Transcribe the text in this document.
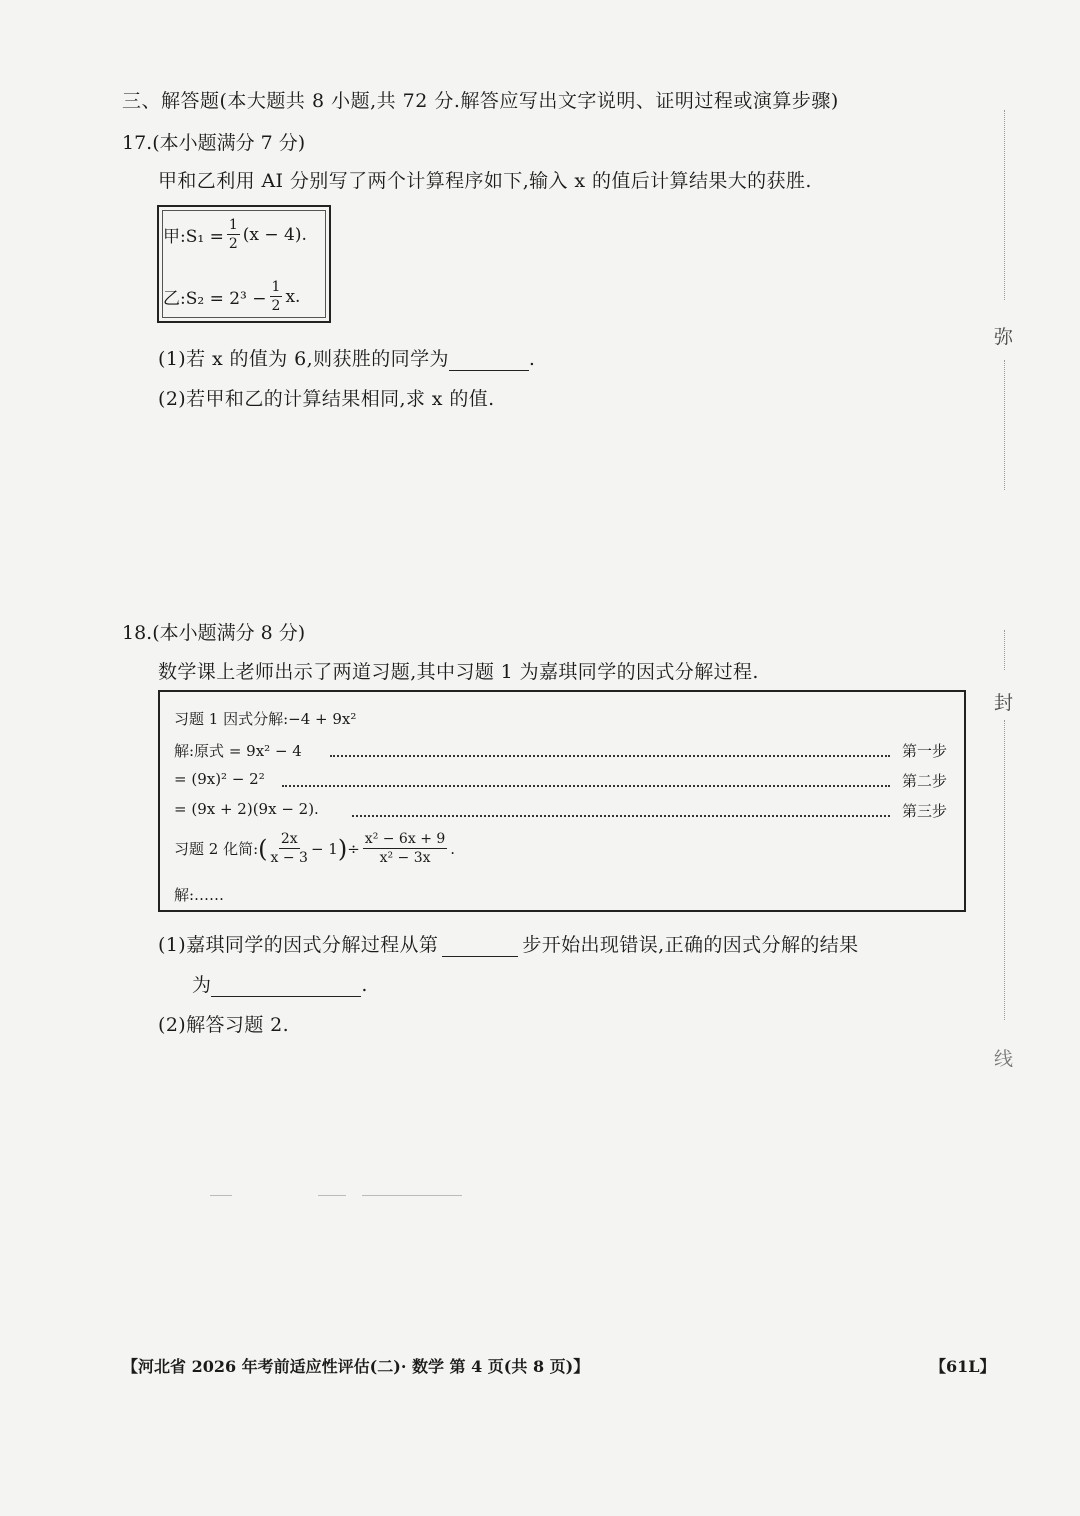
三、解答题(本大题共 8 小题,共 72 分.解答应写出文字说明、证明过程或演算步骤)
17.(本小题满分 7 分)
甲和乙利用 AI 分别写了两个计算程序如下,输入 x 的值后计算结果大的获胜.
甲:S₁ = $\frac{1}{2} (x - 4)$.
乙:S₂ = $2^3 - \frac{1}{2} x$.
(1)若 x 的值为 6,则获胜的同学为	.
(2)若甲和乙的计算结果相同,求 x 的值.
18.(本小题满分 8 分)
数学课上老师出示了两道习题,其中习题 1 为嘉琪同学的因式分解过程.
习题 1 因式分解:−4 + 9x²
解:原式 = 9x² − 4	第一步
= (9x)² − 2²	第二步
= (9x + 2)(9x − 2).	第三步
习题 2 化简: ( $\frac{2x}{x - 3} - 1$ ) ÷ $\frac{\text{x² − 6x + 9}}{\text{x² − 3x}}$ .
解:……
(1)嘉琪同学的因式分解过程从第	步开始出现错误,正确的因式分解的结果
为	.
(2)解答习题 2.
弥
封
线
【河北省 2026 年考前适应性评估(二)· 数学 第 4 页(共 8 页)】	【61L】
